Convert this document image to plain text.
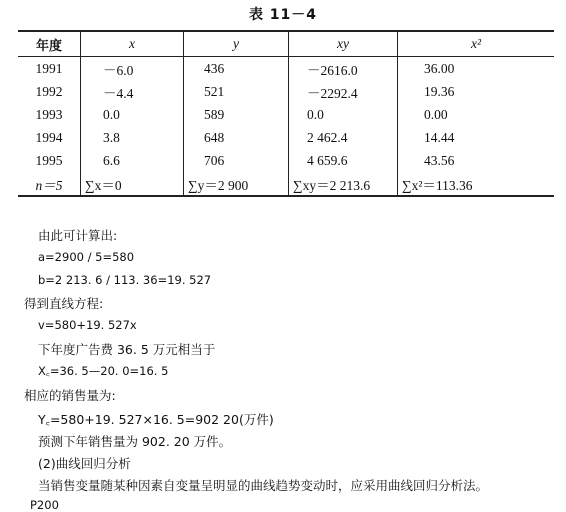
表 11－4
年度	x	y	xy	x²
1991	－6.0	436	－2616.0	36.00
1992	－4.4	521	－2292.4	19.36
1993	0.0	589	0.0	0.00
1994	3.8	648	2 462.4	14.44
1995	6.6	706	4 659.6	43.56
n＝5	∑x＝0	∑y＝2 900	∑xy＝2 213.6	∑x²＝113.36
由此可计算出:
a=2900 / 5=580
b=2 213. 6 / 113. 36=19. 527
得到直线方程:
v=580+19. 527x
下年度广告费 36. 5 万元相当于
X꜀=36. 5—20. 0=16. 5
相应的销售量为:
Y꜀=580+19. 527×16. 5=902 20(万件)
预测下年销售量为 902. 20 万件。
(2)曲线回归分析
当销售变量随某种因素自变量呈明显的曲线趋势变动时，应采用曲线回归分析法。
P200
